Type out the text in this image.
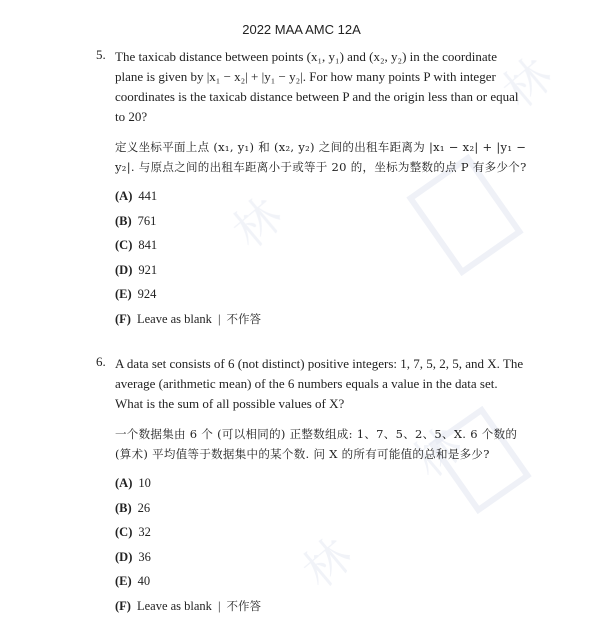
林
林
林
林
2022 MAA AMC 12A
5. The taxicab distance between points (x₁, y₁) and (x₂, y₂) in the coordinate plane is given by |x₁ − x₂| + |y₁ − y₂|. For how many points P with integer coordinates is the taxicab distance between P and the origin less than or equal to 20?
定义坐标平面上点 (x₁, y₁) 和 (x₂, y₂) 之间的出租车距离为 |x₁ − x₂| + |y₁ − y₂|. 与原点之间的出租车距离小于或等于 20 的，坐标为整数的点 P 有多少个?
(A) 441
(B) 761
(C) 841
(D) 921
(E) 924
(F) Leave as blank | 不作答
6. A data set consists of 6 (not distinct) positive integers: 1, 7, 5, 2, 5, and X. The average (arithmetic mean) of the 6 numbers equals a value in the data set. What is the sum of all possible values of X?
一个数据集由 6 个 (可以相同的) 正整数组成: 1、7、5、2、5、X. 6 个数的 (算术) 平均值等于数据集中的某个数. 问 X 的所有可能值的总和是多少?
(A) 10
(B) 26
(C) 32
(D) 36
(E) 40
(F) Leave as blank | 不作答
